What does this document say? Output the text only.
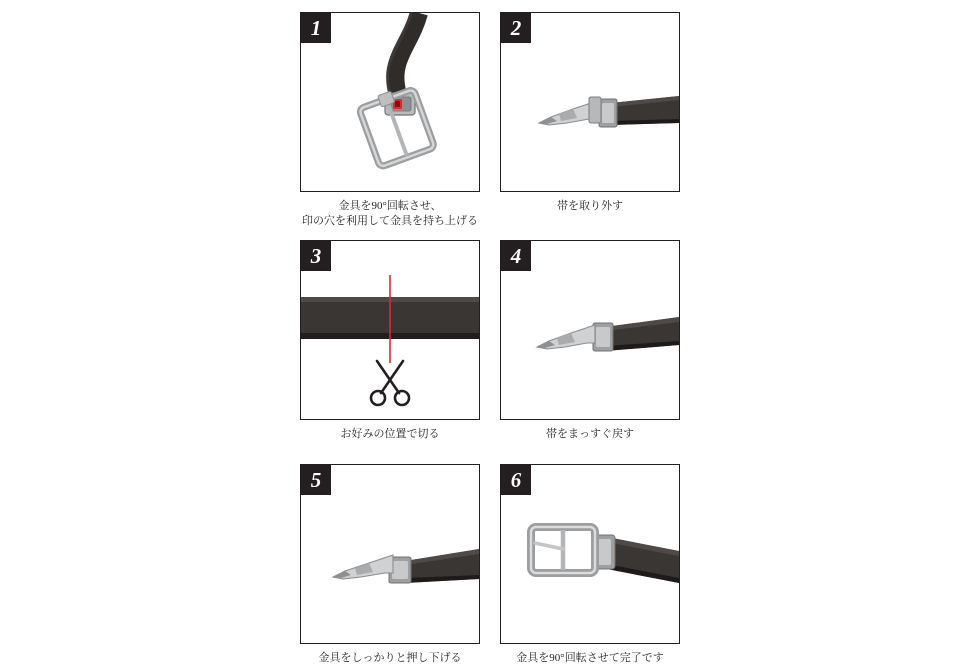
1
金具を90°回転させ、
印の穴を利用して金具を持ち上げる
2
帯を取り外す
3
お好みの位置で切る
4
帯をまっすぐ戻す
5
金具をしっかりと押し下げる
6
金具を90°回転させて完了です
